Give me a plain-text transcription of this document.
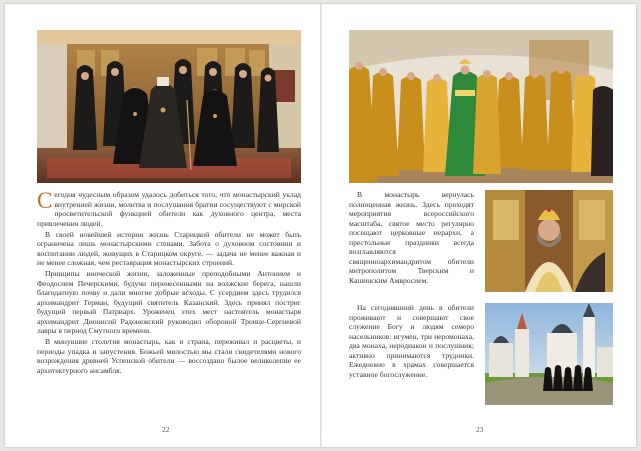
Сегодня чудесным образом удалось добиться того, что монастырский уклад внутренней жизни, молитва и послушания братии сосуществуют с мирской просветительской функцией обители как духовного центра, места привлечения людей.

В своей новейшей истории жизнь Старицкой обители не может быть ограничена лишь монастырскими стенами. Забота о духовном состоянии и воспитании людей, живущих в Старицком округе, — задача не менее важная и не менее сложная, чем реставрация монастырских строений.

Принципы иноческой жизни, заложенные преподобными Антонием и Феодосием Печерскими, будучи перенесенными на волжские берега, нашли благодатную почву и дали многие добрые всходы. С усердием здесь трудился архимандрит Герман, будущий святитель Казанский. Здесь принял постриг будущий первый Патриарх. Уроженец этих мест настоятель монастыря архимандрит Дионисий Радонежский руководил обороной Троице-Сергиевой лавры в период Смутного времени.

В минувшие столетия монастырь, как и страна, переживал и расцветы, и периоды упадка и запустения. Божьей милостью мы стали свидетелями нового возрождения древней Успенской обители — воссоздано былое великолепие ее архитектурного ансамбля.

22

В монастырь вернулась полноценная жизнь. Здесь проходят мероприятия всероссийского масштаба, святое место регулярно посещают церковные иерархи, а престольные праздники всегда возглавляются священноархимандритом обители митрополитом Тверским и Кашинским Амвросием.

На сегодняшний день в обители проживают и совершают свое служение Богу и людям семеро насельников: игумен, три иеромонаха, два монаха, неродиакон и послушник; активно принимаются трудники. Ежедневно в храмах совершается уставное богослужение.

23
